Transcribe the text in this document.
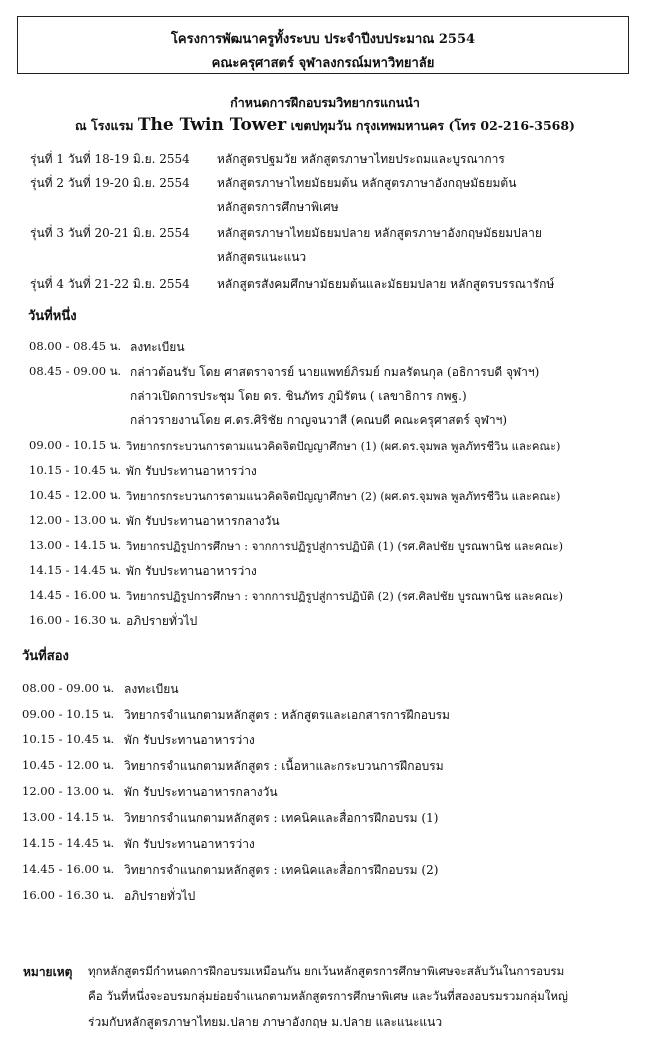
โครงการพัฒนาครูทั้งระบบ ประจำปีงบประมาณ 2554
คณะครุศาสตร์ จุฬาลงกรณ์มหาวิทยาลัย
กำหนดการฝึกอบรมวิทยากรแกนนำ
ณ โรงแรม The Twin Tower เขตปทุมวัน กรุงเทพมหานคร (โทร 02-216-3568)
รุ่นที่ 1 วันที่ 18-19 มิ.ย. 2554 หลักสูตรปฐมวัย หลักสูตรภาษาไทยประถมและบูรณาการ
รุ่นที่ 2 วันที่ 19-20 มิ.ย. 2554 หลักสูตรภาษาไทยมัธยมต้น หลักสูตรภาษาอังกฤษมัธยมต้น
หลักสูตรการศึกษาพิเศษ
รุ่นที่ 3 วันที่ 20-21 มิ.ย. 2554 หลักสูตรภาษาไทยมัธยมปลาย หลักสูตรภาษาอังกฤษมัธยมปลาย
หลักสูตรแนะแนว
รุ่นที่ 4 วันที่ 21-22 มิ.ย. 2554 หลักสูตรสังคมศึกษามัธยมต้นและมัธยมปลาย หลักสูตรบรรณารักษ์
วันที่หนึ่ง
08.00 - 08.45 น. ลงทะเบียน
08.45 - 09.00 น. กล่าวต้อนรับ โดย ศาสตราจารย์ นายแพทย์ภิรมย์ กมลรัตนกุล (อธิการบดี จุฬาฯ)
กล่าวเปิดการประชุม โดย ดร. ชินภัทร ภูมิรัตน ( เลขาธิการ กพฐ.)
กล่าวรายงานโดย ศ.ดร.ศิริชัย กาญจนวาสี (คณบดี คณะครุศาสตร์ จุฬาฯ)
09.00 - 10.15 น. วิทยากรกระบวนการตามแนวคิดจิตปัญญาศึกษา (1) (ผศ.ดร.จุมพล พูลภัทรชีวิน และคณะ)
10.15 - 10.45 น. พัก รับประทานอาหารว่าง
10.45 - 12.00 น. วิทยากรกระบวนการตามแนวคิดจิตปัญญาศึกษา (2) (ผศ.ดร.จุมพล พูลภัทรชีวิน และคณะ)
12.00 - 13.00 น. พัก รับประทานอาหารกลางวัน
13.00 - 14.15 น. วิทยากรปฏิรูปการศึกษา : จากการปฏิรูปสู่การปฏิบัติ (1) (รศ.ศิลปชัย บูรณพานิช และคณะ)
14.15 - 14.45 น. พัก รับประทานอาหารว่าง
14.45 - 16.00 น. วิทยากรปฏิรูปการศึกษา : จากการปฏิรูปสู่การปฏิบัติ (2) (รศ.ศิลปชัย บูรณพานิช และคณะ)
16.00 - 16.30 น. อภิปรายทั่วไป
วันที่สอง
08.00 - 09.00 น. ลงทะเบียน
09.00 - 10.15 น. วิทยากรจำแนกตามหลักสูตร : หลักสูตรและเอกสารการฝึกอบรม
10.15 - 10.45 น. พัก รับประทานอาหารว่าง
10.45 - 12.00 น. วิทยากรจำแนกตามหลักสูตร : เนื้อหาและกระบวนการฝึกอบรม
12.00 - 13.00 น. พัก รับประทานอาหารกลางวัน
13.00 - 14.15 น. วิทยากรจำแนกตามหลักสูตร : เทคนิคและสื่อการฝึกอบรม (1)
14.15 - 14.45 น. พัก รับประทานอาหารว่าง
14.45 - 16.00 น. วิทยากรจำแนกตามหลักสูตร : เทคนิคและสื่อการฝึกอบรม (2)
16.00 - 16.30 น. อภิปรายทั่วไป
หมายเหตุ ทุกหลักสูตรมีกำหนดการฝึกอบรมเหมือนกัน ยกเว้นหลักสูตรการศึกษาพิเศษจะสลับวันในการอบรม
คือ วันที่หนึ่งจะอบรมกลุ่มย่อยจำแนกตามหลักสูตรการศึกษาพิเศษ และวันที่สองอบรมรวมกลุ่มใหญ่
ร่วมกับหลักสูตรภาษาไทยม.ปลาย ภาษาอังกฤษ ม.ปลาย และแนะแนว
